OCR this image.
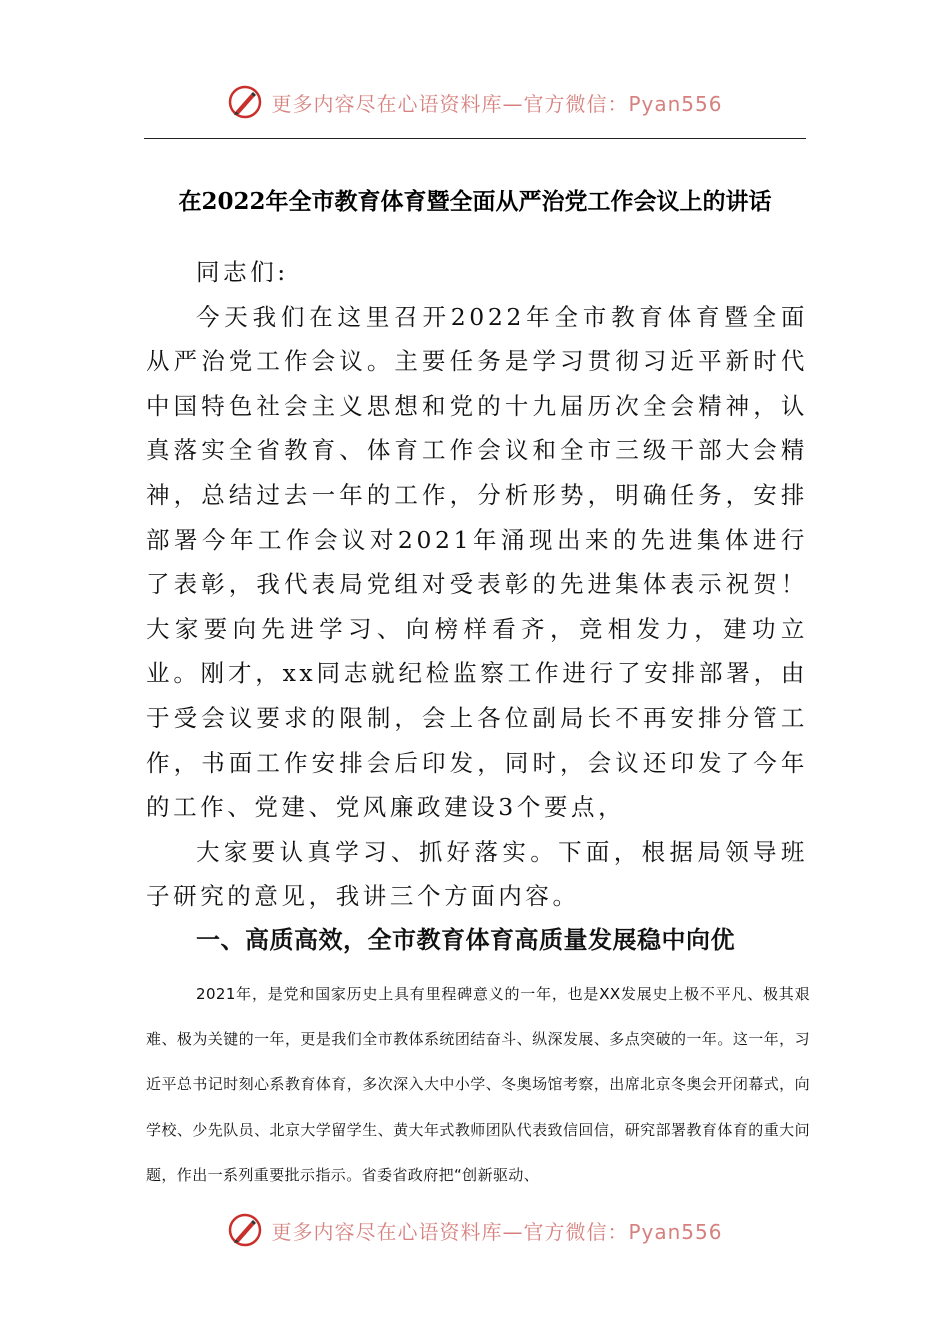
更多内容尽在心语资料库—官方微信：Pyan556
在2022年全市教育体育暨全面从严治党工作会议上的讲话

同志们:

今天我们在这里召开2022年全市教育体育暨全面从严治党工作会议。主要任务是学习贯彻习近平新时代中国特色社会主义思想和党的十九届历次全会精神，认真落实全省教育、体育工作会议和全市三级干部大会精神，总结过去一年的工作，分析形势，明确任务，安排部署今年工作会议对2021年涌现出来的先进集体进行了表彰，我代表局党组对受表彰的先进集体表示祝贺！大家要向先进学习、向榜样看齐，竞相发力，建功立业。刚才，xx同志就纪检监察工作进行了安排部署，由于受会议要求的限制，会上各位副局长不再安排分管工作，书面工作安排会后印发，同时，会议还印发了今年的工作、党建、党风廉政建设3个要点，

大家要认真学习、抓好落实。下面，根据局领导班子研究的意见，我讲三个方面内容。

一、高质高效，全市教育体育高质量发展稳中向优

2021年，是党和国家历史上具有里程碑意义的一年，也是XX发展史上极不平凡、极其艰难、极为关键的一年，更是我们全市教体系统团结奋斗、纵深发展、多点突破的一年。这一年，习近平总书记时刻心系教育体育，多次深入大中小学、冬奥场馆考察，出席北京冬奥会开闭幕式，向学校、少先队员、北京大学留学生、黄大年式教师团队代表致信回信，研究部署教育体育的重大问题，作出一系列重要批示指示。省委省政府把“创新驱动、

更多内容尽在心语资料库—官方微信：Pyan556
